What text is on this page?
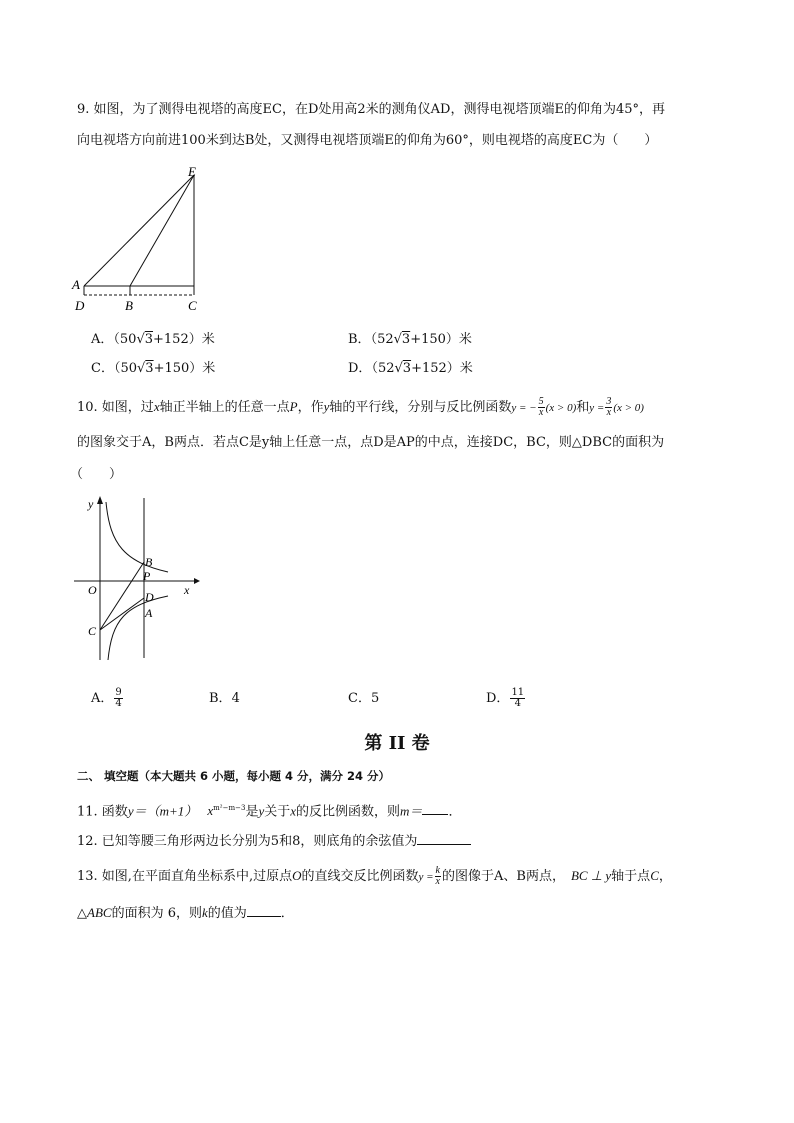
9. 如图，为了测得电视塔的高度EC，在D处用高2米的测角仪AD，测得电视塔顶端E的仰角为45°，再
向电视塔方向前进100米到达B处，又测得电视塔顶端E的仰角为60°，则电视塔的高度EC为（　　）
E
A
D	B	C
A．（50√3+152）米	B．（52√3+150）米
C．（50√3+150）米	D．（52√3+152）米
10. 如图，过x轴正半轴上的任意一点P，作y轴的平行线，分别与反比例函数y = − $\frac{5}{x} (x > 0)$和$y = \frac{3}{x} (x > 0)$
的图象交于A，B两点．若点C是y轴上任意一点，点D是AP的中点，连接DC，BC，则△DBC的面积为
（　　）
y
x
O
B
P
D
A
C
A． $\frac{9}{4}$	B．4	C．5	D． $\frac{11}{4}$
第 II 卷
二、 填空题（本大题共 6 小题，每小题 4 分，满分 24 分）
11. 函数y＝（m+1） $x^{m^2-m-3}$是y关于x的反比例函数，则m＝ ．
12. 已知等腰三角形两边长分别为5和8，则底角的余弦值为
13. 如图,在平面直角坐标系中,过原点O的直线交反比例函数$y = \frac{k}{x}$ 的图像于A、B两点， BC ⊥ y轴于点C，
△ABC的面积为 6，则k的值为	．
